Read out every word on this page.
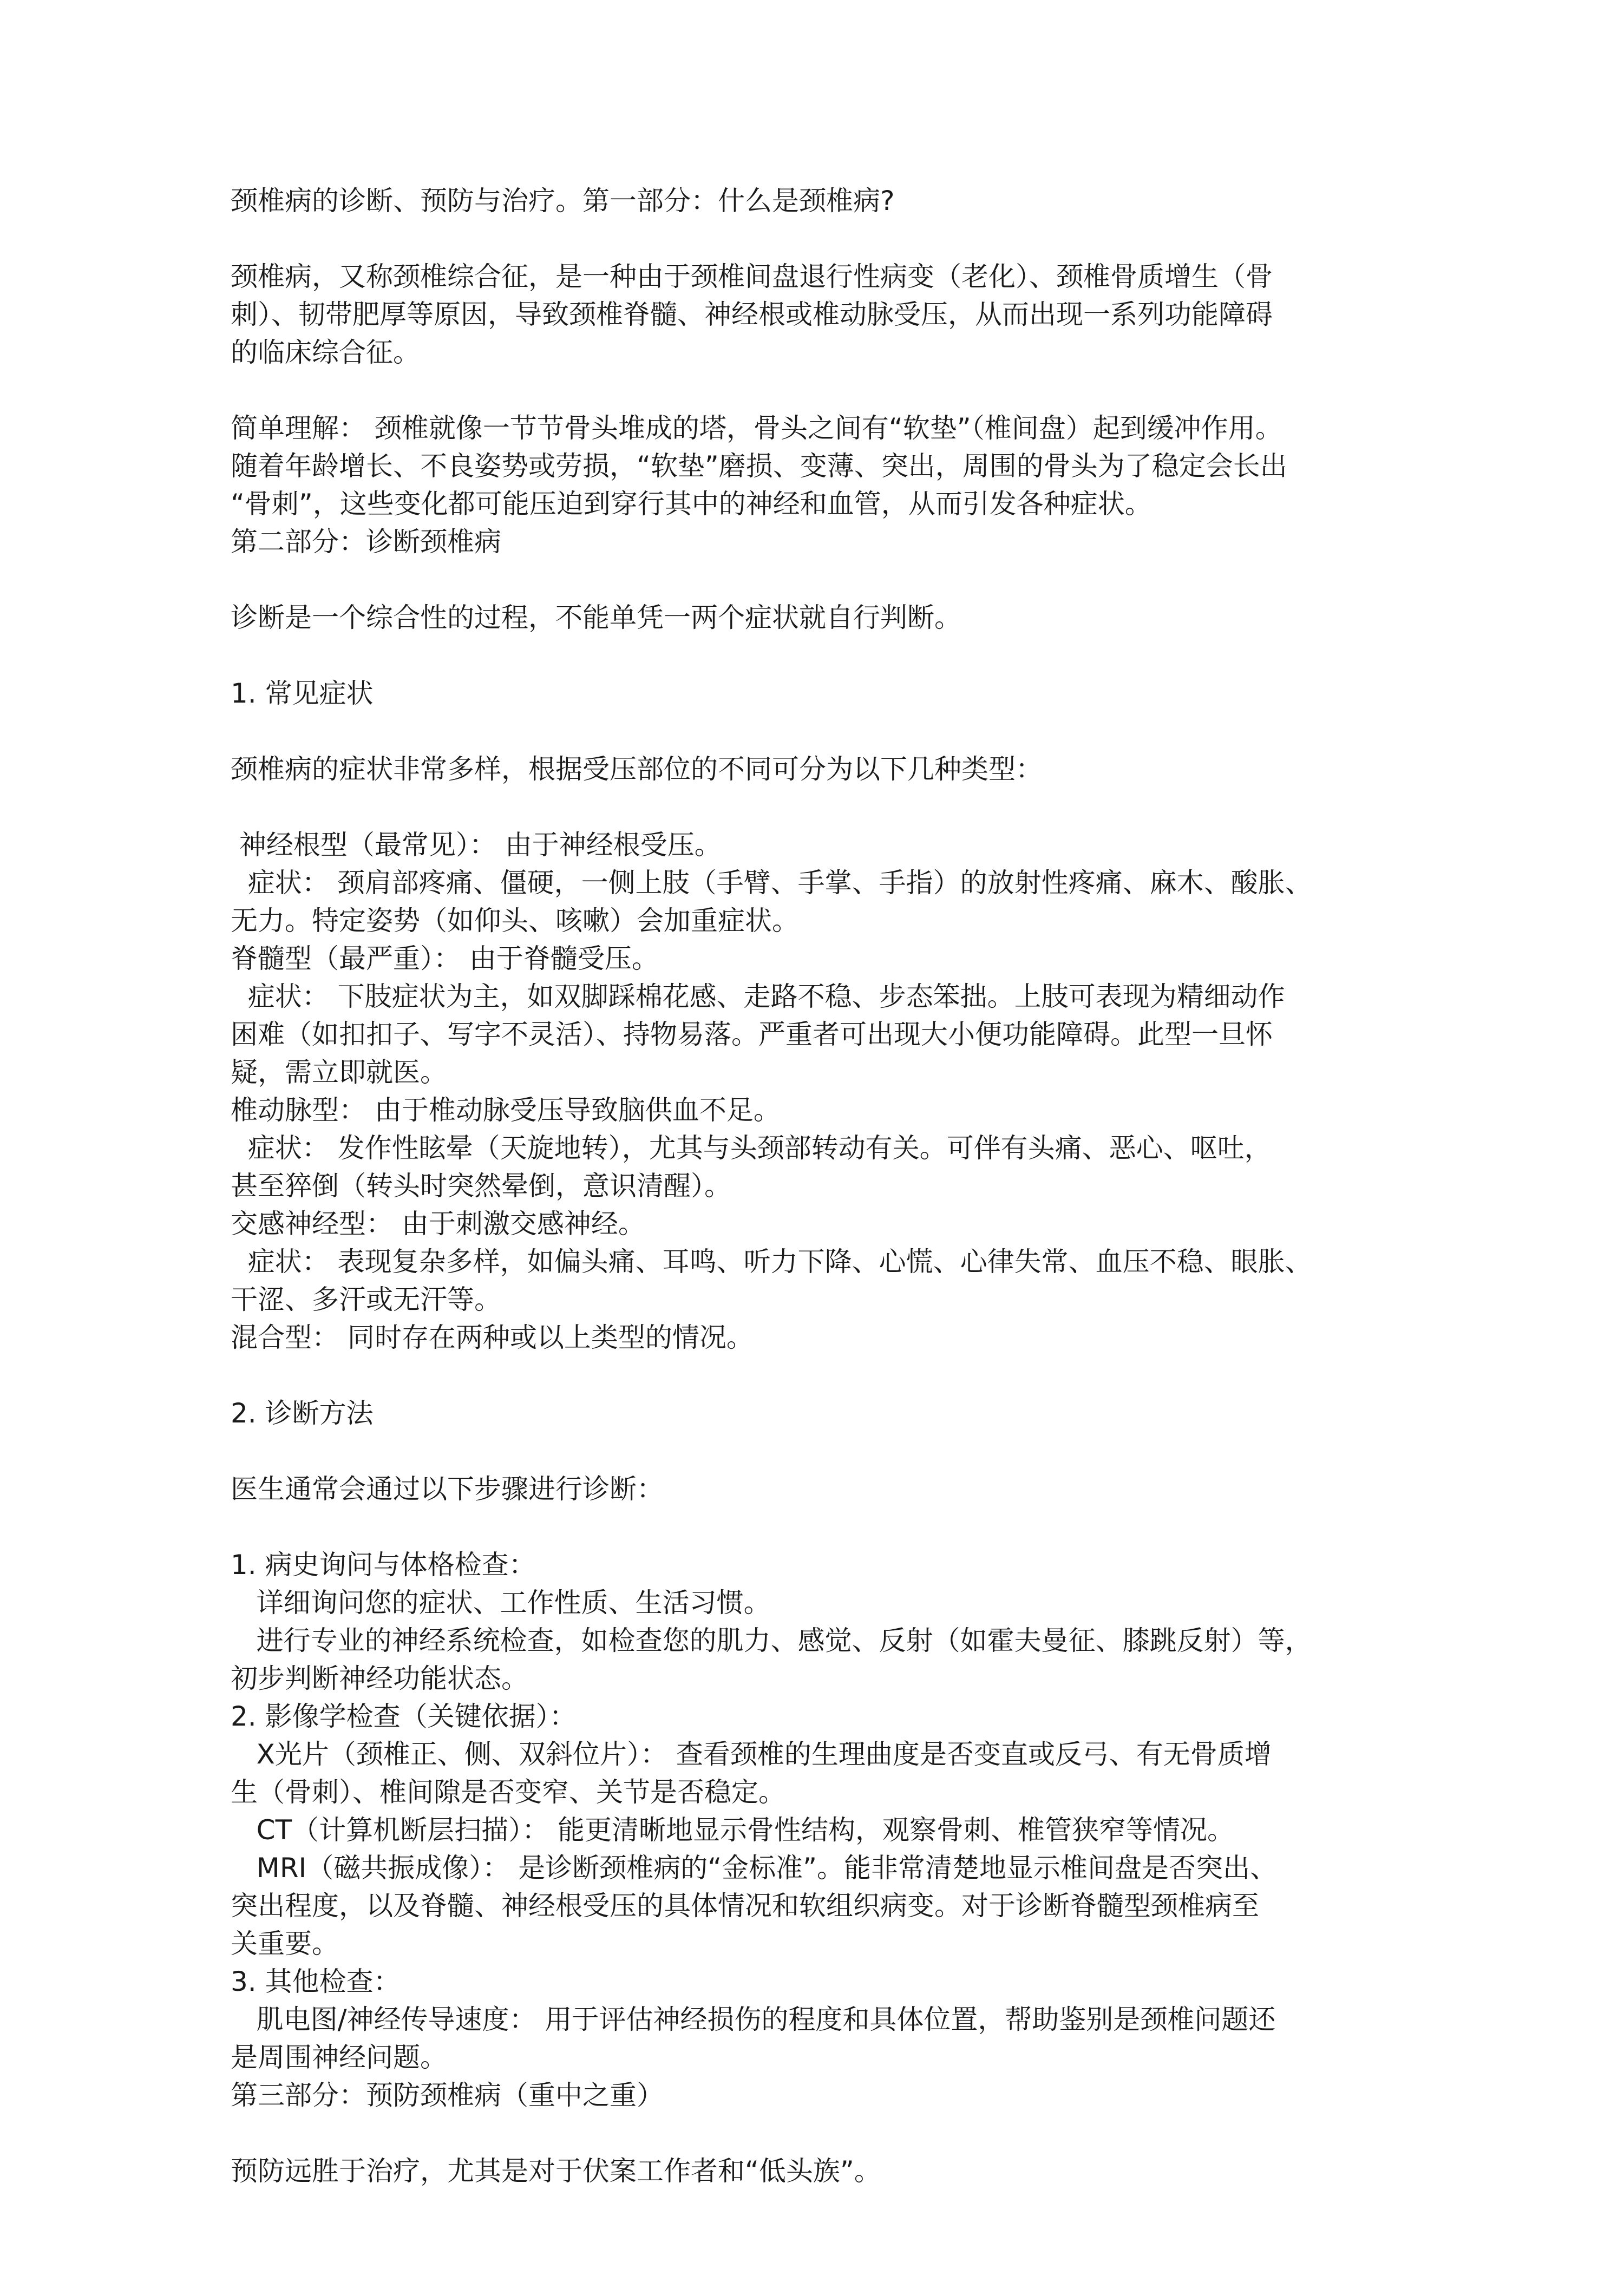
颈椎病的诊断、预防与治疗。第一部分：什么是颈椎病?
颈椎病，又称颈椎综合征，是一种由于颈椎间盘退行性病变（老化）、颈椎骨质增生（骨
刺）、韧带肥厚等原因，导致颈椎脊髓、神经根或椎动脉受压，从而出现一系列功能障碍
的临床综合征。
简单理解： 颈椎就像一节节骨头堆成的塔，骨头之间有“软垫”（椎间盘）起到缓冲作用。
随着年龄增长、不良姿势或劳损，“软垫”磨损、变薄、突出，周围的骨头为了稳定会长出
“骨刺”，这些变化都可能压迫到穿行其中的神经和血管，从而引发各种症状。
第二部分：诊断颈椎病
诊断是一个综合性的过程，不能单凭一两个症状就自行判断。
1. 常见症状
颈椎病的症状非常多样，根据受压部位的不同可分为以下几种类型：
神经根型（最常见）： 由于神经根受压。
症状： 颈肩部疼痛、僵硬，一侧上肢（手臂、手掌、手指）的放射性疼痛、麻木、酸胀、
无力。特定姿势（如仰头、咳嗽）会加重症状。
脊髓型（最严重）： 由于脊髓受压。
症状： 下肢症状为主，如双脚踩棉花感、走路不稳、步态笨拙。上肢可表现为精细动作
困难（如扣扣子、写字不灵活）、持物易落。严重者可出现大小便功能障碍。此型一旦怀
疑，需立即就医。
椎动脉型： 由于椎动脉受压导致脑供血不足。
症状： 发作性眩晕（天旋地转），尤其与头颈部转动有关。可伴有头痛、恶心、呕吐，
甚至猝倒（转头时突然晕倒，意识清醒）。
交感神经型： 由于刺激交感神经。
症状： 表现复杂多样，如偏头痛、耳鸣、听力下降、心慌、心律失常、血压不稳、眼胀、
干涩、多汗或无汗等。
混合型： 同时存在两种或以上类型的情况。
2. 诊断方法
医生通常会通过以下步骤进行诊断：
1. 病史询问与体格检查：
详细询问您的症状、工作性质、生活习惯。
进行专业的神经系统检查，如检查您的肌力、感觉、反射（如霍夫曼征、膝跳反射）等，
初步判断神经功能状态。
2. 影像学检查（关键依据）：
X光片（颈椎正、侧、双斜位片）： 查看颈椎的生理曲度是否变直或反弓、有无骨质增
生（骨刺）、椎间隙是否变窄、关节是否稳定。
CT（计算机断层扫描）： 能更清晰地显示骨性结构，观察骨刺、椎管狭窄等情况。
MRI（磁共振成像）： 是诊断颈椎病的“金标准”。能非常清楚地显示椎间盘是否突出、
突出程度，以及脊髓、神经根受压的具体情况和软组织病变。对于诊断脊髓型颈椎病至
关重要。
3. 其他检查：
肌电图/神经传导速度： 用于评估神经损伤的程度和具体位置，帮助鉴别是颈椎问题还
是周围神经问题。
第三部分：预防颈椎病（重中之重）
预防远胜于治疗，尤其是对于伏案工作者和“低头族”。
